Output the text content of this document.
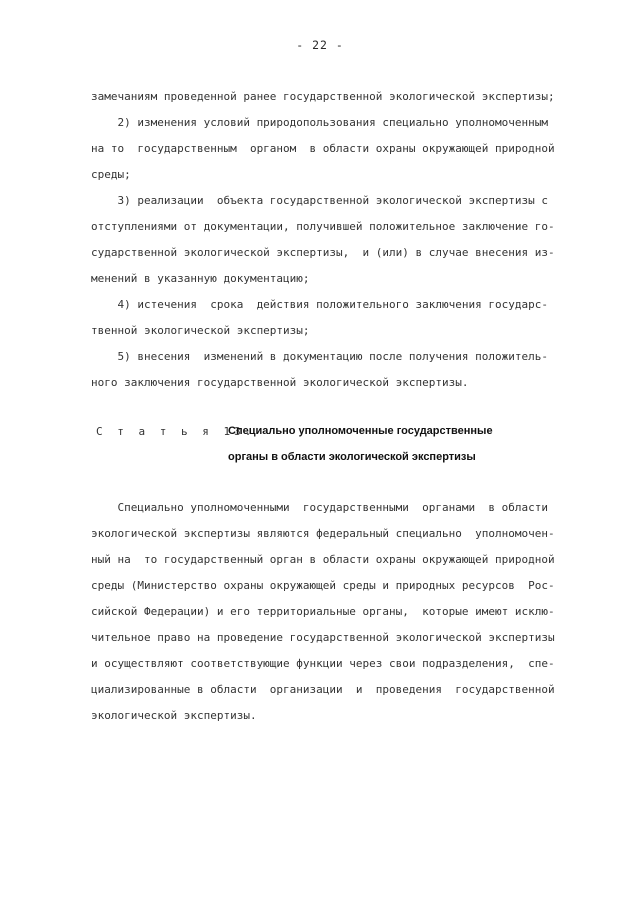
- 22 -
замечаниям проведенной ранее государственной экологической экспертизы;
2) изменения условий природопользования специально уполномоченным
на то  государственным  органом  в области охраны окружающей природной
среды;
3) реализации  объекта государственной экологической экспертизы с
отступлениями от документации, получившей положительное заключение го-
сударственной экологической экспертизы,  и (или) в случае внесения из-
менений в указанную документацию;
4) истечения  срока  действия положительного заключения государс-
твенной экологической экспертизы;
5) внесения  изменений в документацию после получения положитель-
ного заключения государственной экологической экспертизы.
С т а т ь я 13.
Специально уполномоченные государственные
органы в области экологической экспертизы
Специально уполномоченными  государственными  органами  в области
экологической экспертизы являются федеральный специально  уполномочен-
ный на  то государственный орган в области охраны окружающей природной
среды (Министерство охраны окружающей среды и природных ресурсов  Рос-
сийской Федерации) и его территориальные органы,  которые имеют исклю-
чительное право на проведение государственной экологической экспертизы
и осуществляют соответствующие функции через свои подразделения,  спе-
циализированные в области  организации  и  проведения  государственной
экологической экспертизы.
